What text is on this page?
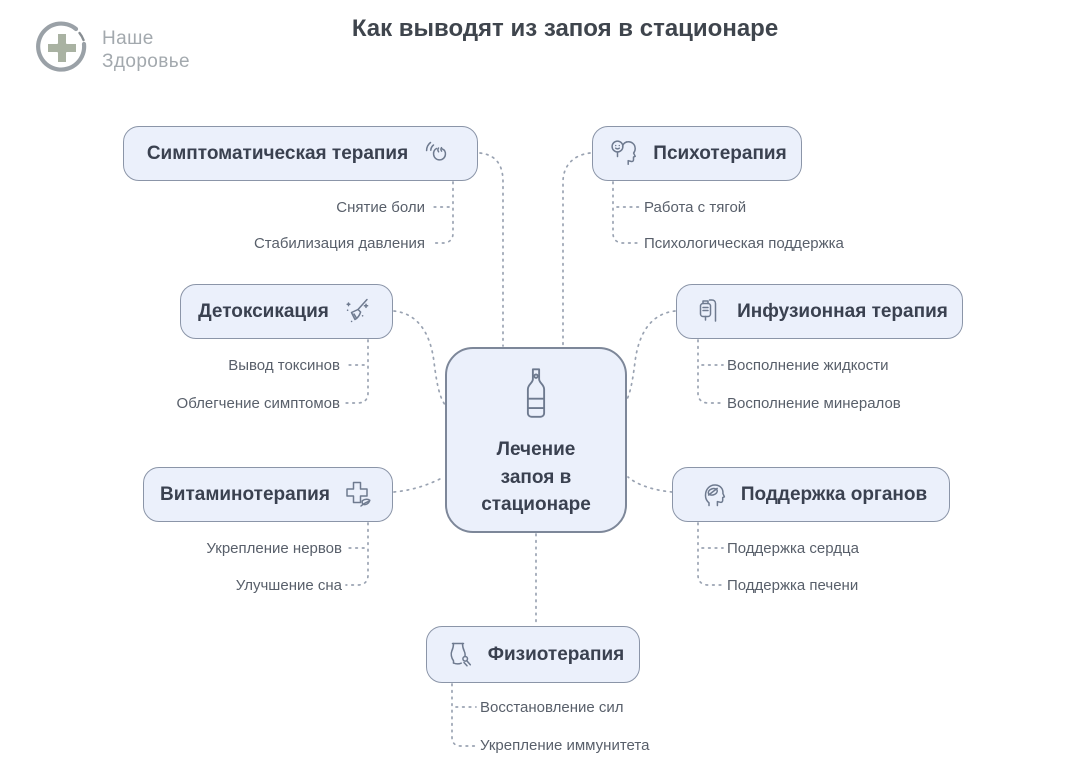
Наше
Здоровье
Как выводят из запоя в стационаре
Симптоматическая терапия	Психотерапия
Детоксикация	Инфузионная терапия
Витаминотерапия	Поддержка органов
Физиотерапия
Лечение
запоя в
стационаре
Снятие боли
Стабилизация давления
Работа с тягой
Психологическая поддержка
Вывод токсинов
Облегчение симптомов
Восполнение жидкости
Восполнение минералов
Укрепление нервов
Улучшение сна
Поддержка сердца
Поддержка печени
Восстановление сил
Укрепление иммунитета
